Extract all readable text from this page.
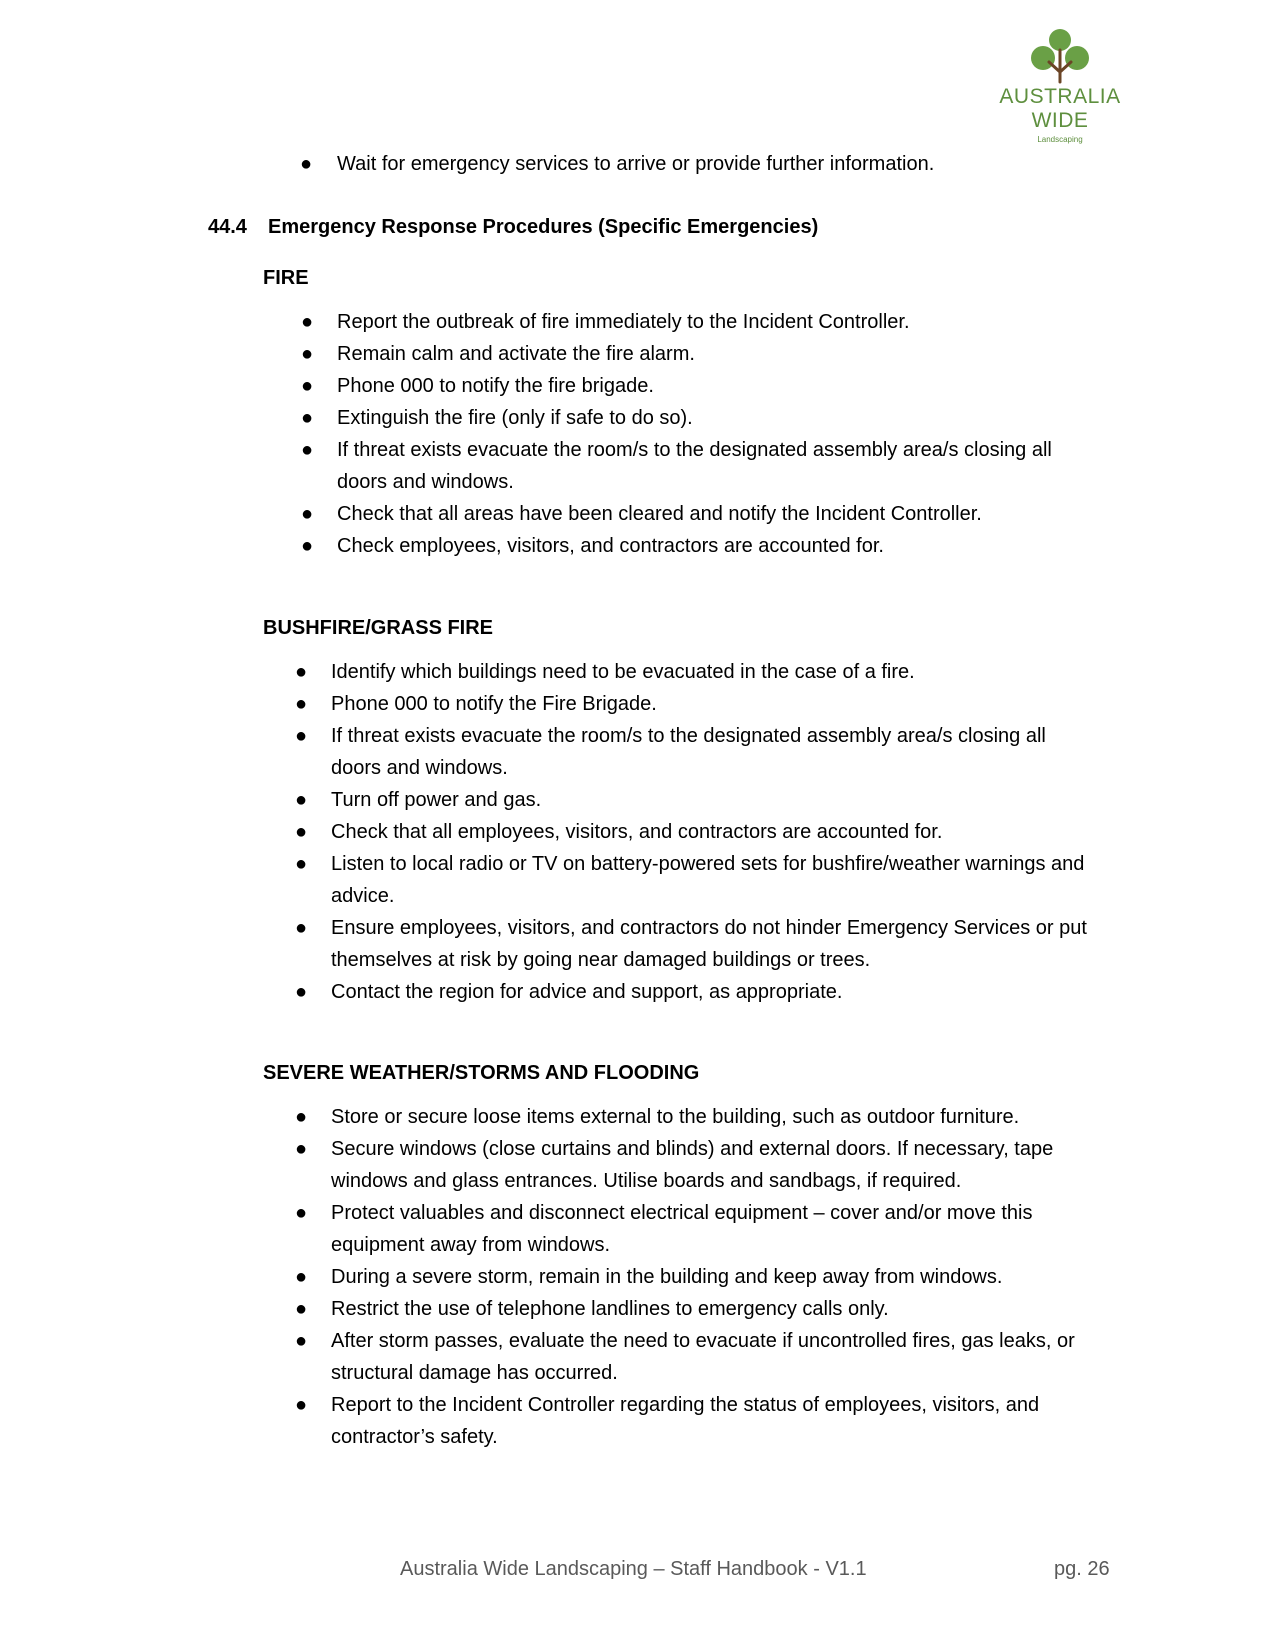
AUSTRALIA
WIDE
Landscaping
● Wait for emergency services to arrive or provide further information.
44.4 Emergency Response Procedures (Specific Emergencies)
FIRE
● Report the outbreak of fire immediately to the Incident Controller.
● Remain calm and activate the fire alarm.
● Phone 000 to notify the fire brigade.
● Extinguish the fire (only if safe to do so).
● If threat exists evacuate the room/s to the designated assembly area/s closing all doors and windows.
● Check that all areas have been cleared and notify the Incident Controller.
● Check employees, visitors, and contractors are accounted for.
BUSHFIRE/GRASS FIRE
● Identify which buildings need to be evacuated in the case of a fire.
● Phone 000 to notify the Fire Brigade.
● If threat exists evacuate the room/s to the designated assembly area/s closing all doors and windows.
● Turn off power and gas.
● Check that all employees, visitors, and contractors are accounted for.
● Listen to local radio or TV on battery-powered sets for bushfire/weather warnings and advice.
● Ensure employees, visitors, and contractors do not hinder Emergency Services or put themselves at risk by going near damaged buildings or trees.
● Contact the region for advice and support, as appropriate.
SEVERE WEATHER/STORMS AND FLOODING
● Store or secure loose items external to the building, such as outdoor furniture.
● Secure windows (close curtains and blinds) and external doors. If necessary, tape windows and glass entrances. Utilise boards and sandbags, if required.
● Protect valuables and disconnect electrical equipment – cover and/or move this equipment away from windows.
● During a severe storm, remain in the building and keep away from windows.
● Restrict the use of telephone landlines to emergency calls only.
● After storm passes, evaluate the need to evacuate if uncontrolled fires, gas leaks, or structural damage has occurred.
● Report to the Incident Controller regarding the status of employees, visitors, and contractor’s safety.
Australia Wide Landscaping – Staff Handbook - V1.1	pg. 26
